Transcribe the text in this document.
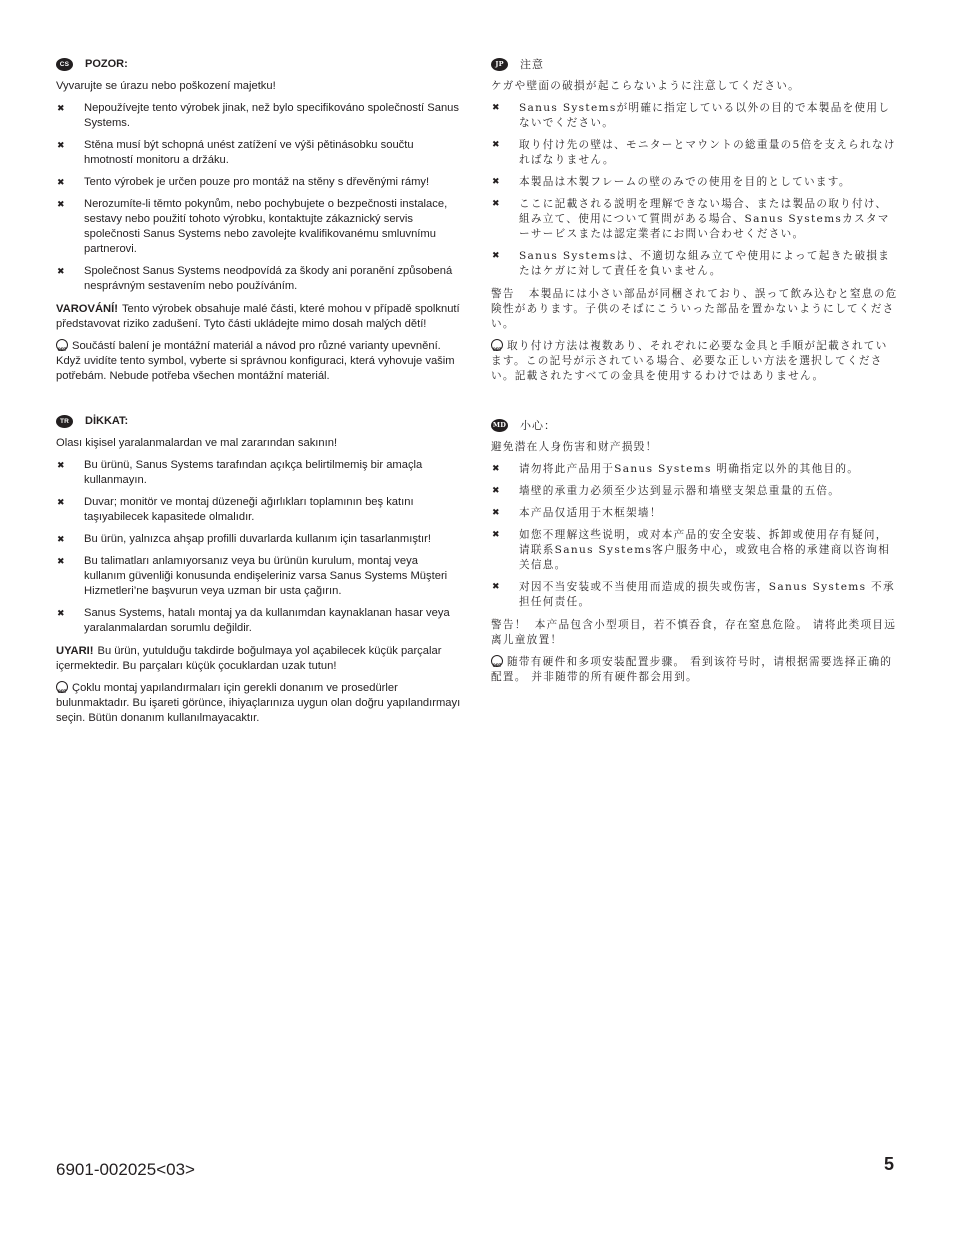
CS	POZOR:

Vyvarujte se úrazu nebo poškození majetku!

✖ Nepoužívejte tento výrobek jinak, než bylo specifikováno společností Sanus Systems.
✖ Stěna musí být schopná unést zatížení ve výši pětinásobku součtu hmotností monitoru a držáku.
✖ Tento výrobek je určen pouze pro montáž na stěny s dřevěnými rámy!
✖ Nerozumíte-li těmto pokynům, nebo pochybujete o bezpečnosti instalace, sestavy nebo použití tohoto výrobku, kontaktujte zákaznický servis společnosti Sanus Systems nebo zavolejte kvalifikovanému smluvnímu partnerovi.
✖ Společnost Sanus Systems neodpovídá za škody ani poranění způsobená nesprávným sestavením nebo používáním.

VAROVÁNÍ! Tento výrobek obsahuje malé části, které mohou v případě spolknutí představovat riziko zadušení. Tyto části ukládejte mimo dosah malých dětí!

OPTSoučástí balení je montážní materiál a návod pro různé varianty upevnění. Když uvidíte tento symbol, vyberte si správnou konfiguraci, která vyhovuje vašim potřebám. Nebude potřeba všechen montážní materiál.

TR	DİKKAT:

Olası kişisel yaralanmalardan ve mal zararından sakının!

✖ Bu ürünü, Sanus Systems tarafından açıkça belirtilmemiş bir amaçla kullanmayın.
✖ Duvar; monitör ve montaj düzeneği ağırlıkları toplamının beş katını taşıyabilecek kapasitede olmalıdır.
✖ Bu ürün, yalnızca ahşap profilli duvarlarda kullanım için tasarlanmıştır!
✖ Bu talimatları anlamıyorsanız veya bu ürünün kurulum, montaj veya kullanım güvenliği konusunda endişeleriniz varsa Sanus Systems Müşteri Hizmetleri’ne başvurun veya uzman bir usta çağırın.
✖ Sanus Systems, hatalı montaj ya da kullanımdan kaynaklanan hasar veya yaralanmalardan sorumlu değildir.

UYARI! Bu ürün, yutulduğu takdirde boğulmaya yol açabilecek küçük parçalar içermektedir. Bu parçaları küçük çocuklardan uzak tutun!

OPTÇoklu montaj yapılandırmaları için gerekli donanım ve prosedürler bulunmaktadır. Bu işareti görünce, ihiyaçlarınıza uygun olan doğru yapılandırmayı seçin. Bütün donanım kullanılmayacaktır.

JP	注意

ケガや壁面の破損が起こらないように注意してください。

✖ Sanus Systemsが明確に指定している以外の目的で本製品を使用しないでください。
✖ 取り付け先の壁は、モニターとマウントの総重量の5倍を支えられなければなりません。
✖ 本製品は木製フレームの壁のみでの使用を目的としています。
✖ ここに記載される説明を理解できない場合、または製品の取り付け、組み立て、使用について質問がある場合、Sanus Systemsカスタマーサービスまたは認定業者にお問い合わせください。
✖ Sanus Systemsは、不適切な組み立てや使用によって起きた破損またはケガに対して責任を負いません。

警告 本製品には小さい部品が同梱されており、誤って飲み込むと窒息の危険性があります。子供のそばにこういった部品を置かないようにしてください。

OPT取り付け方法は複数あり、それぞれに必要な金具と手順が記載されています。この記号が示されている場合、必要な正しい方法を選択してください。記載されたすべての金具を使用するわけではありません。

MD 小心：

避免潜在人身伤害和财产损毁！

✖ 请勿将此产品用于Sanus Systems 明确指定以外的其他目的。
✖ 墙壁的承重力必须至少达到显示器和墙壁支架总重量的五倍。
✖ 本产品仅适用于木框架墙！
✖ 如您不理解这些说明，或对本产品的安全安装、拆卸或使用存有疑问，请联系Sanus Systems客户服务中心，或致电合格的承建商以咨询相关信息。
✖ 对因不当安装或不当使用而造成的损失或伤害，Sanus Systems 不承担任何责任。

警告！ 本产品包含小型项目，若不慎吞食，存在窒息危险。 请将此类项目远离儿童放置！

OPT随带有硬件和多项安装配置步骤。 看到该符号时，请根据需要选择正确的配置。 并非随带的所有硬件都会用到。

6901-002025<03>	5
